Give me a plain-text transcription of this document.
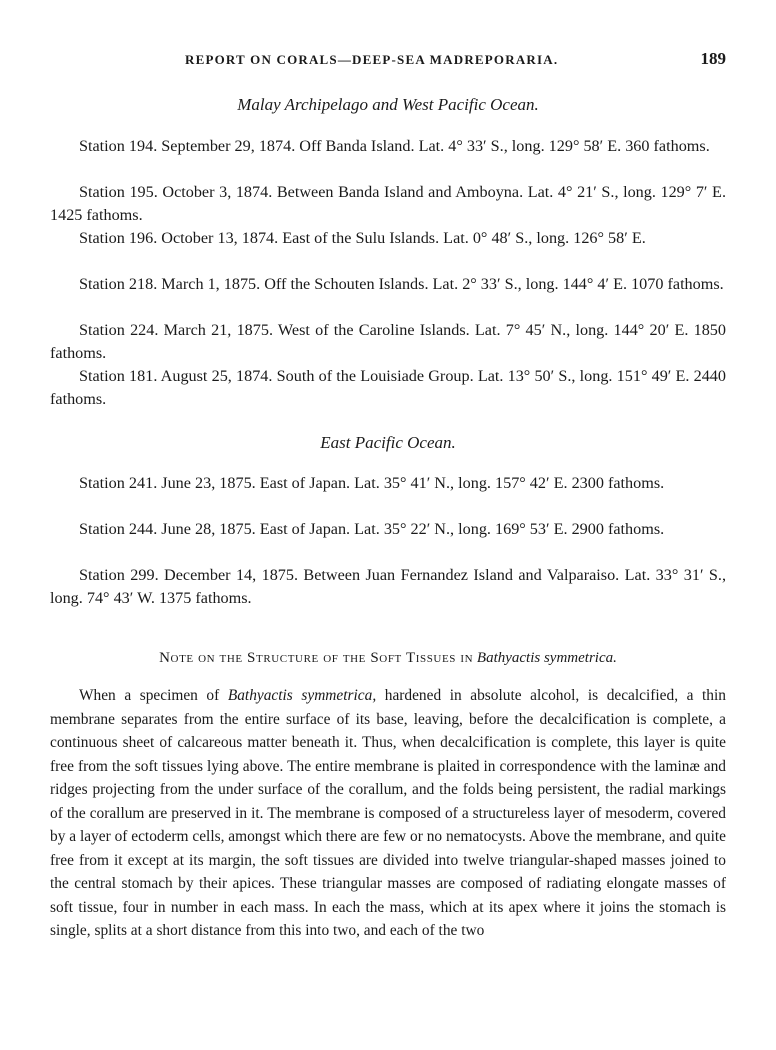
REPORT ON CORALS—DEEP-SEA MADREPORARIA.	189
Malay Archipelago and West Pacific Ocean.
Station 194. September 29, 1874. Off Banda Island. Lat. 4° 33′ S., long. 129° 58′ E. 360 fathoms.
Station 195. October 3, 1874. Between Banda Island and Amboyna. Lat. 4° 21′ S., long. 129° 7′ E. 1425 fathoms.
Station 196. October 13, 1874. East of the Sulu Islands. Lat. 0° 48′ S., long. 126° 58′ E.
Station 218. March 1, 1875. Off the Schouten Islands. Lat. 2° 33′ S., long. 144° 4′ E. 1070 fathoms.
Station 224. March 21, 1875. West of the Caroline Islands. Lat. 7° 45′ N., long. 144° 20′ E. 1850 fathoms.
Station 181. August 25, 1874. South of the Louisiade Group. Lat. 13° 50′ S., long. 151° 49′ E. 2440 fathoms.
East Pacific Ocean.
Station 241. June 23, 1875. East of Japan. Lat. 35° 41′ N., long. 157° 42′ E. 2300 fathoms.
Station 244. June 28, 1875. East of Japan. Lat. 35° 22′ N., long. 169° 53′ E. 2900 fathoms.
Station 299. December 14, 1875. Between Juan Fernandez Island and Valparaiso. Lat. 33° 31′ S., long. 74° 43′ W. 1375 fathoms.
Note on the Structure of the Soft Tissues in Bathyactis symmetrica.
When a specimen of Bathyactis symmetrica, hardened in absolute alcohol, is decalcified, a thin membrane separates from the entire surface of its base, leaving, before the decalcification is complete, a continuous sheet of calcareous matter beneath it. Thus, when decalcification is complete, this layer is quite free from the soft tissues lying above. The entire membrane is plaited in correspondence with the laminæ and ridges projecting from the under surface of the corallum, and the folds being persistent, the radial markings of the corallum are preserved in it. The membrane is composed of a structureless layer of mesoderm, covered by a layer of ectoderm cells, amongst which there are few or no nematocysts. Above the membrane, and quite free from it except at its margin, the soft tissues are divided into twelve triangular-shaped masses joined to the central stomach by their apices. These triangular masses are composed of radiating elongate masses of soft tissue, four in number in each mass. In each the mass, which at its apex where it joins the stomach is single, splits at a short distance from this into two, and each of the two
